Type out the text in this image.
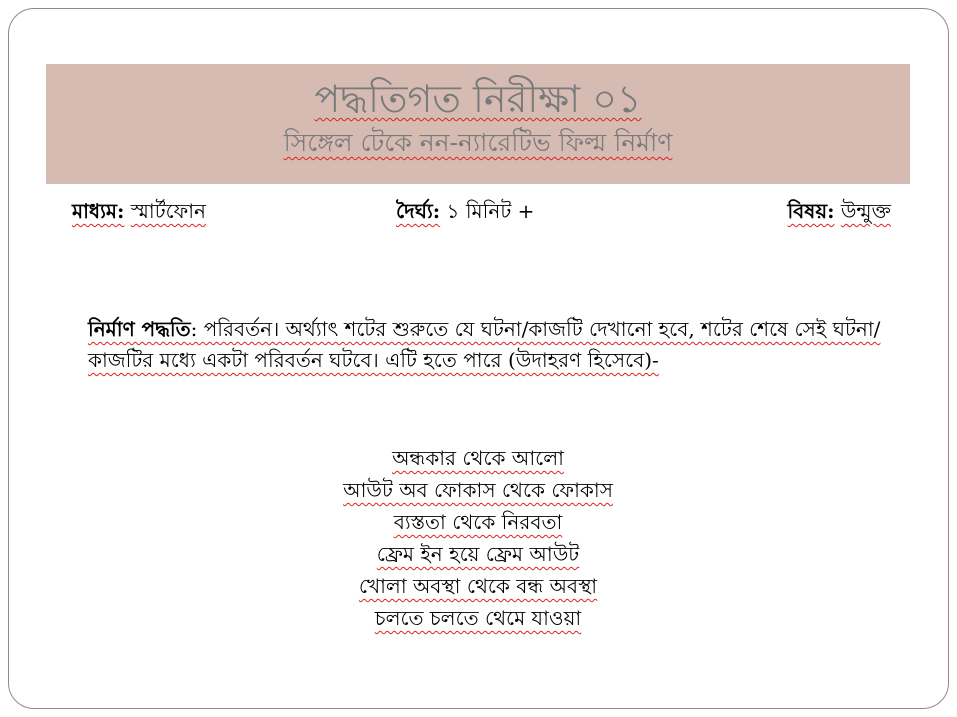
পদ্ধতিগত নিরীক্ষা ০১
সিঙ্গেল টেকে নন-ন্যারেটিভ ফিল্ম নির্মাণ
মাধ্যম: স্মার্টফোন	দৈর্ঘ্য: ১ মিনিট +	বিষয়: উন্মুক্ত
নির্মাণ পদ্ধতি: পরিবর্তন। অর্থ্যাৎ শটের শুরুতে যে ঘটনা/কাজটি দেখানো হবে, শটের শেষে সেই ঘটনা/কাজটির মধ্যে একটা পরিবর্তন ঘটবে। এটি হতে পারে (উদাহরণ হিসেবে)-
অন্ধকার থেকে আলো
আউট অব ফোকাস থেকে ফোকাস
ব্যস্ততা থেকে নিরবতা
ফ্রেম ইন হয়ে ফ্রেম আউট
খোলা অবস্থা থেকে বন্ধ অবস্থা
চলতে চলতে থেমে যাওয়া
